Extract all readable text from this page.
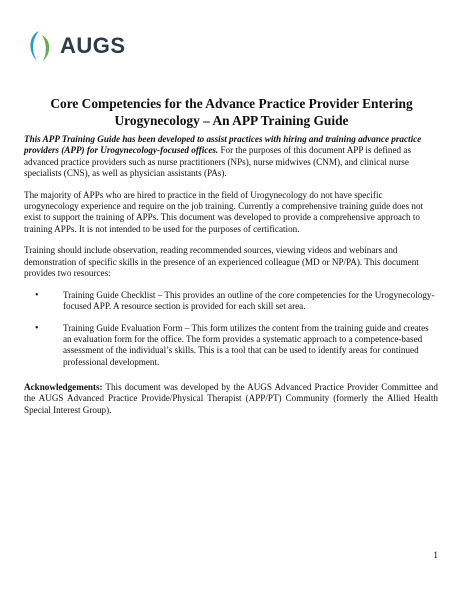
AUGS
Core Competencies for the Advance Practice Provider Entering
Urogynecology – An APP Training Guide

This APP Training Guide has been developed to assist practices with hiring and training advance practice providers (APP) for Urogynecology-focused offices. For the purposes of this document APP is defined as advanced practice providers such as nurse practitioners (NPs), nurse midwives (CNM), and clinical nurse specialists (CNS), as well as physician assistants (PAs).

The majority of APPs who are hired to practice in the field of Urogynecology do not have specific urogynecology experience and require on the job training. Currently a comprehensive training guide does not exist to support the training of APPs. This document was developed to provide a comprehensive approach to training APPs. It is not intended to be used for the purposes of certification.

Training should include observation, reading recommended sources, viewing videos and webinars and demonstration of specific skills in the presence of an experienced colleague (MD or NP/PA). This document provides two resources:

• Training Guide Checklist – This provides an outline of the core competencies for the Urogynecology-focused APP. A resource section is provided for each skill set area.
• Training Guide Evaluation Form – This form utilizes the content from the training guide and creates an evaluation form for the office. The form provides a systematic approach to a competence-based assessment of the individual’s skills. This is a tool that can be used to identify areas for continued professional development.
Acknowledgements: This document was developed by the AUGS Advanced Practice Provider Committee and the AUGS Advanced Practice Provide/Physical Therapist (APP/PT) Community (formerly the Allied Health Special Interest Group).
1
